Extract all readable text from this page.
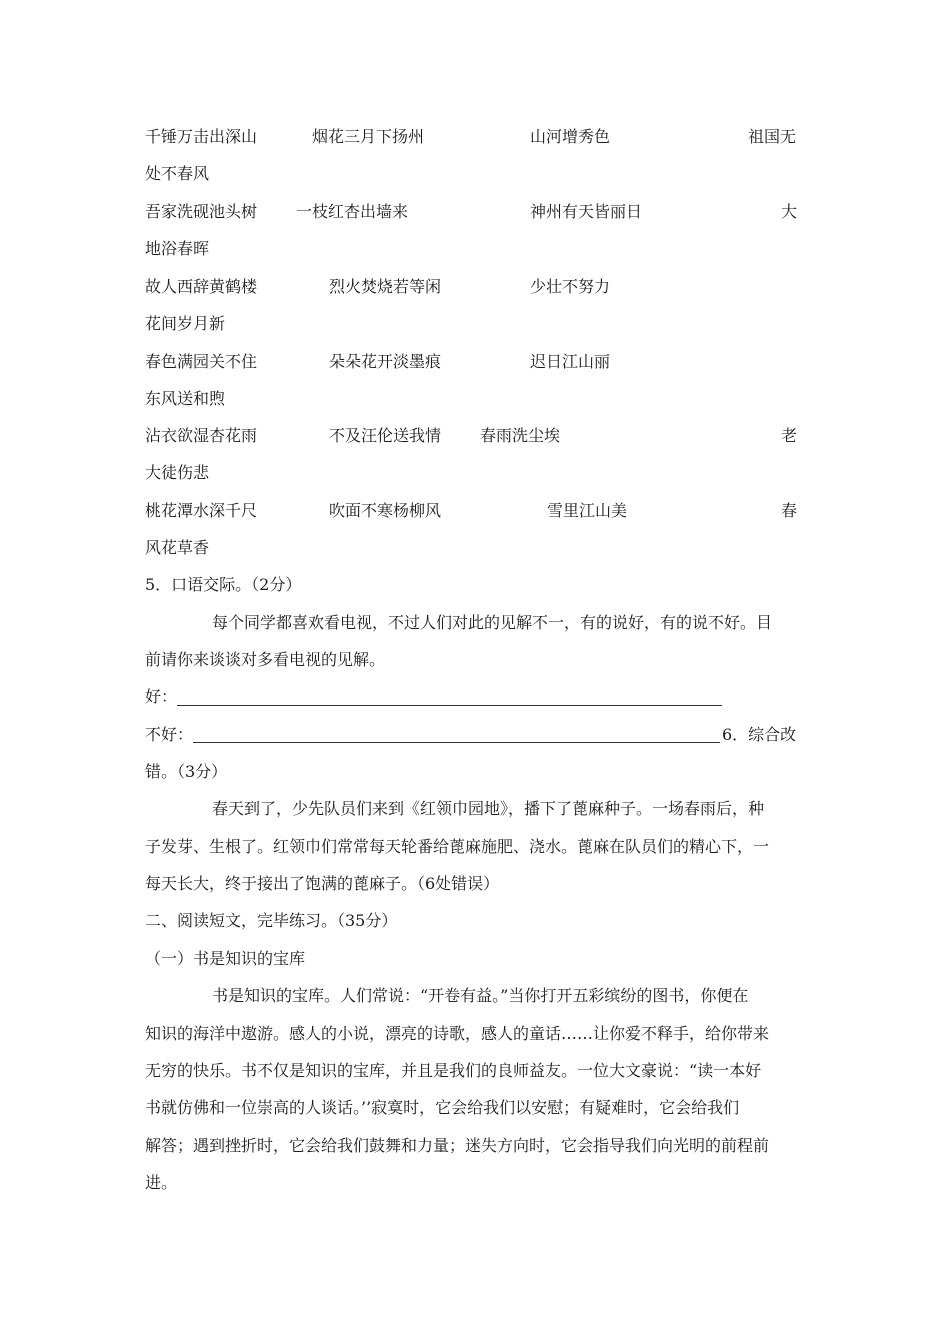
千锤万击出深山	烟花三月下扬州	山河增秀色	祖国无
处不春风
吾家洗砚池头树 一枝红杏出墙来	神州有天皆丽日	大
地浴春晖
故人西辞黄鹤楼	烈火焚烧若等闲	少壮不努力
花间岁月新
春色满园关不住	朵朵花开淡墨痕	迟日江山丽
东风送和煦
沾衣欲湿杏花雨	不及汪伦送我情 春雨洗尘埃	老
大徒伤悲
桃花潭水深千尺	吹面不寒杨柳风	雪里江山美	春
风花草香
5．口语交际。（2分）
每个同学都喜欢看电视，不过人们对此的见解不一，有的说好，有的说不好。目
前请你来谈谈对多看电视的见解。
好：
不好：	6．综合改
错。（3分）
春天到了，少先队员们来到《红领巾园地》，播下了蓖麻种子。一场春雨后，种
子发芽、生根了。红领巾们常常每天轮番给蓖麻施肥、浇水。蓖麻在队员们的精心下，一
每天长大，终于接出了饱满的蓖麻子。（6处错误）
二、阅读短文，完毕练习。（35分）
（一）书是知识的宝库
书是知识的宝库。人们常说：“开卷有益。”当你打开五彩缤纷的图书，你便在
知识的海洋中遨游。感人的小说，漂亮的诗歌，感人的童话……让你爱不释手，给你带来
无穷的快乐。书不仅是知识的宝库，并且是我们的良师益友。一位大文豪说：“读一本好
书就仿佛和一位崇高的人谈话。’’寂寞时，它会给我们以安慰；有疑难时，它会给我们
解答；遇到挫折时，它会给我们鼓舞和力量；迷失方向时，它会指导我们向光明的前程前
进。
